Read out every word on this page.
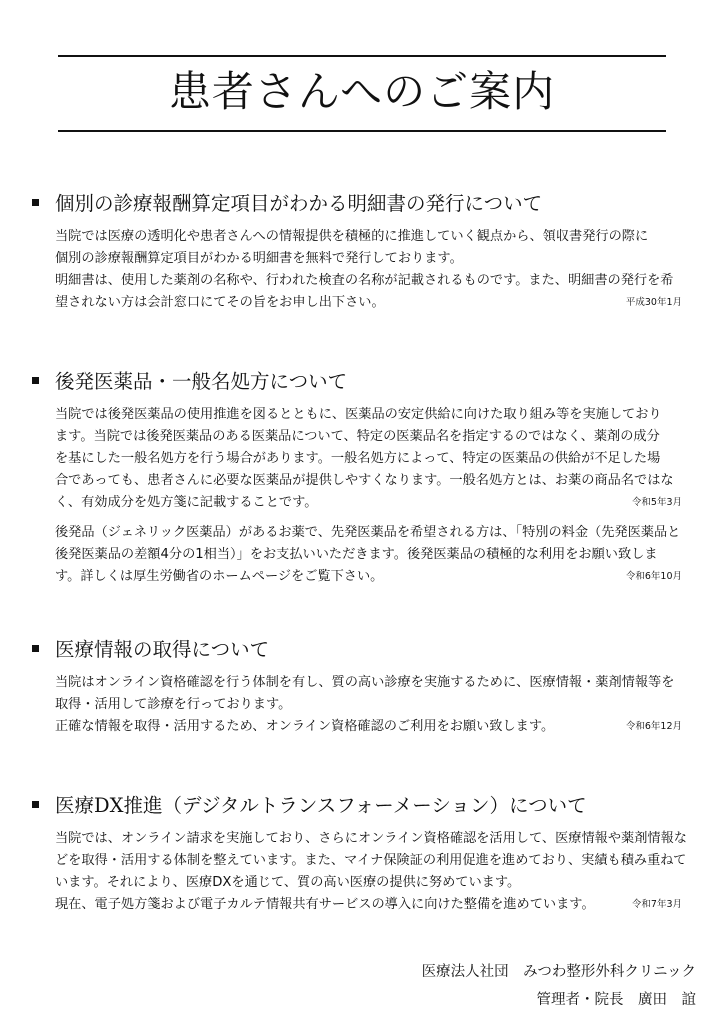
患者さんへのご案内
個別の診療報酬算定項目がわかる明細書の発行について

当院では医療の透明化や患者さんへの情報提供を積極的に推進していく観点から、領収書発行の際に
個別の診療報酬算定項目がわかる明細書を無料で発行しております。
明細書は、使用した薬剤の名称や、行われた検査の名称が記載されるものです。また、明細書の発行を希
望されない方は会計窓口にてその旨をお申し出下さい。	平成30年1月

後発医薬品・一般名処方について

当院では後発医薬品の使用推進を図るとともに、医薬品の安定供給に向けた取り組み等を実施しており
ます。当院では後発医薬品のある医薬品について、特定の医薬品名を指定するのではなく、薬剤の成分
を基にした一般名処方を行う場合があります。一般名処方によって、特定の医薬品の供給が不足した場
合であっても、患者さんに必要な医薬品が提供しやすくなります。一般名処方とは、お薬の商品名ではな
く、有効成分を処方箋に記載することです。	令和5年3月

後発品（ジェネリック医薬品）があるお薬で、先発医薬品を希望される方は、「特別の料金（先発医薬品と
後発医薬品の差額4分の1相当）」をお支払いいただきます。後発医薬品の積極的な利用をお願い致しま
す。詳しくは厚生労働省のホームページをご覧下さい。	令和6年10月

医療情報の取得について

当院はオンライン資格確認を行う体制を有し、質の高い診療を実施するために、医療情報・薬剤情報等を
取得・活用して診療を行っております。
正確な情報を取得・活用するため、オンライン資格確認のご利用をお願い致します。	令和6年12月

医療DX推進（デジタルトランスフォーメーション）について

当院では、オンライン請求を実施しており、さらにオンライン資格確認を活用して、医療情報や薬剤情報な
どを取得・活用する体制を整えています。また、マイナ保険証の利用促進を進めており、実績も積み重ねて
います。それにより、医療DXを通じて、質の高い医療の提供に努めています。
現在、電子処方箋および電子カルテ情報共有サービスの導入に向けた整備を進めています。	令和7年3月

医療法人社団　みつわ整形外科クリニック
管理者・院長　廣田　誼
